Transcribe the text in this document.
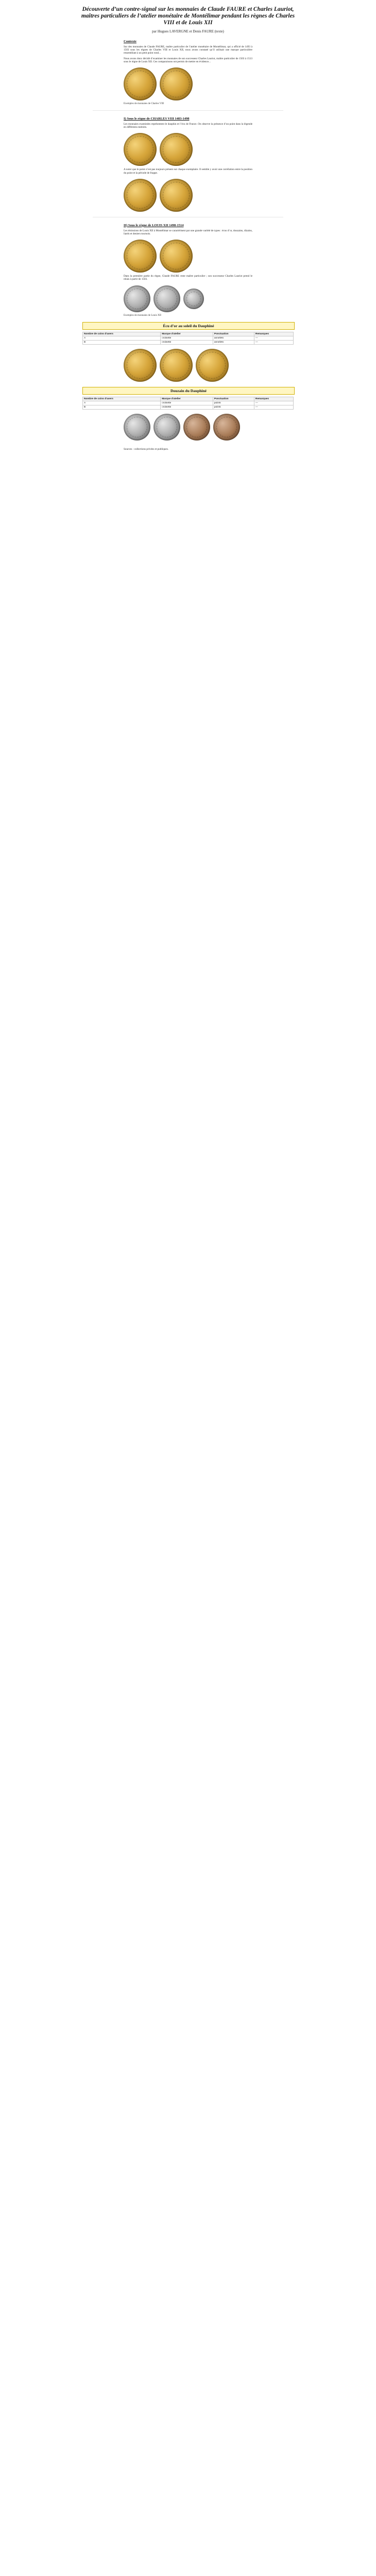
Découverte d’un contre-signal sur les monnaies de Claude FAURE et Charles Lauriot, maîtres particuliers de l’atelier monétaire de Montélimar pendant les règnes de Charles VIII et de Louis XII
par Hugues LAVERGNE et Denis FAURE (texte)
Contexte
Sur des monnaies de Claude FAURE, maître particulier de l’atelier monétaire de Montélimar, qui a officié de 1493 à 1503 sous les règnes de Charles VIII et Louis XII, nous avons constaté qu’il utilisait une marque particulière ressemblant à un petit point rond...
Nous avons donc décidé d’examiner les monnaies de son successeur Charles Lauriot, maître particulier de 1503 à 1513 sous le règne de Louis XII. Ces comparaisons ont permis de mettre en évidence...
Exemples de monnaies de Charles VIII
I) Sous le règne de CHARLES VIII 1483-1498
Les monnaies examinées représentent le dauphin et l’écu de France. On observe la présence d’un point dans la légende en différents endroits.
A noter que le point n’est pas toujours présent sur chaque exemplaire. Il semble y avoir une corrélation entre la position du point et la période de frappe.
II) Sous le règne de LOUIS XII 1498-1514
Les émissions de Louis XII à Montélimar se caractérisent par une grande variété de types : écus d’or, douzains, dizains, liards et deniers tournois.
Dans la première partie du règne, Claude FAURE reste maître particulier ; son successeur Charles Lauriot prend le relais à partir de 1503.
Exemples de monnaies de Louis XII
Écu d’or au soleil du Dauphiné
Nombre de coins d'avers	Marque d'atelier	Ponctuation	Remarques
A	croisette	annelets	—
B	croisette	annelets	—
Douzain du Dauphiné
Nombre de coins d'avers	Marque d'atelier	Ponctuation	Remarques
A	croisette	points	—
B	croisette	points	—
Sources : collections privées et publiques.
